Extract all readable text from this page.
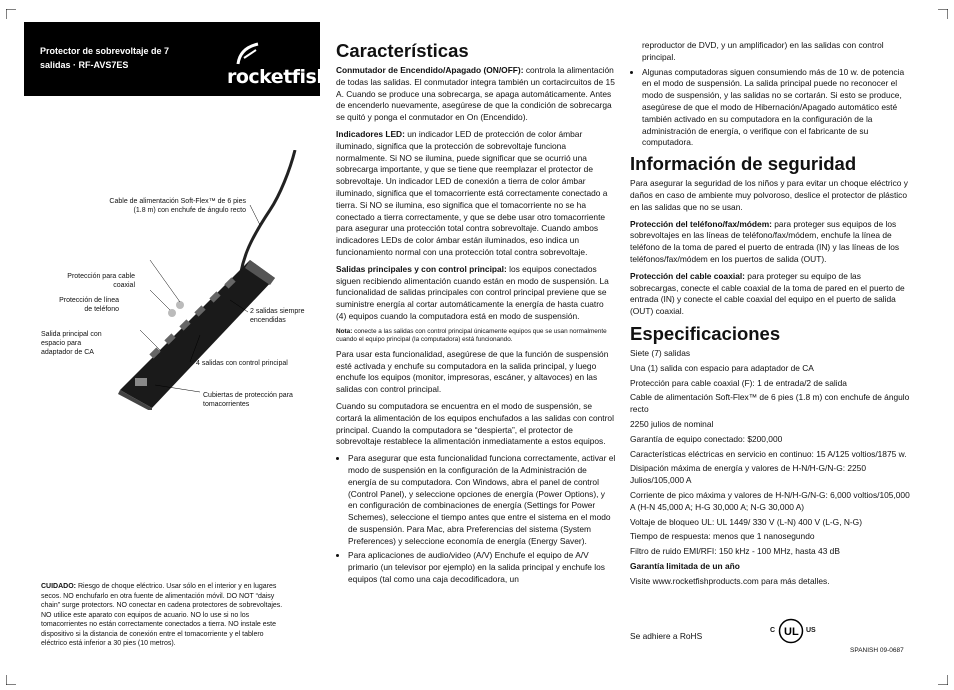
Protector de sobrevoltaje de 7 salidas · RF-AVS7ES
rocketfish.
Cable de alimentación Soft-Flex™ de 6 pies (1.8 m) con enchufe de ángulo recto
Protección para cable coaxial
Protección de línea de teléfono
Salida principal con espacio para adaptador de CA
2 salidas siempre encendidas
4 salidas con control principal
Cubiertas de protección para tomacorrientes
CUIDADO: Riesgo de choque eléctrico. Usar sólo en el interior y en lugares secos. NO enchufarlo en otra fuente de alimentación móvil. DO NOT “daisy chain” surge protectors. NO conectar en cadena protectores de sobrevoltajes. NO utilice este aparato con equipos de acuario. NO lo use si no los tomacorrientes no están correctamente conectados a tierra. NO instale este dispositivo si la distancia de conexión entre el tomacorriente y el tablero eléctrico está inferior a 30 pies (10 metros).
Características

Conmutador de Encendido/Apagado (ON/OFF): controla la alimentación de todas las salidas. El conmutador integra también un cortacircuitos de 15 A. Cuando se produce una sobrecarga, se apaga automáticamente. Antes de encenderlo nuevamente, asegúrese de que la condición de sobrecarga se quitó y ponga el conmutador en On (Encendido).

Indicadores LED: un indicador LED de protección de color ámbar iluminado, significa que la protección de sobrevoltaje funciona normalmente. Si NO se ilumina, puede significar que se ocurrió una sobrecarga importante, y que se tiene que reemplazar el protector de sobrevoltaje. Un indicador LED de conexión a tierra de color ámbar iluminado, significa que el tomacorriente está correctamente conectado a tierra. Si NO se ilumina, eso significa que el tomacorriente no se ha conectado a tierra correctamente, y que se debe usar otro tomacorriente para asegurar una protección total contra sobrevoltaje. Cuando ambos indicadores LEDs de color ámbar están iluminados, eso indica un funcionamiento normal con una protección total contra sobrevoltaje.

Salidas principales y con control principal: los equipos conectados siguen recibiendo alimentación cuando están en modo de suspensión. La funcionalidad de salidas principales con control principal previene que se suministre energía al cortar automáticamente la energía de hasta cuatro (4) equipos cuando la computadora está en modo de suspensión.

Nota: conecte a las salidas con control principal únicamente equipos que se usan normalmente cuando el equipo principal (la computadora) está funcionando.

Para usar esta funcionalidad, asegúrese de que la función de suspensión esté activada y enchufe su computadora en la salida principal, y luego enchufe los equipos (monitor, impresoras, escáner, y altavoces) en las salidas con control principal.

Cuando su computadora se encuentra en el modo de suspensión, se cortará la alimentación de los equipos enchufados a las salidas con control principal. Cuando la computadora se “despierta”, el protector de sobrevoltaje restablece la alimentación inmediatamente a estos equipos.

• Para asegurar que esta funcionalidad funciona correctamente, activar el modo de suspensión en la configuración de la Administración de energía de su computadora. Con Windows, abra el panel de control (Control Panel), y seleccione opciones de energía (Power Options), y en configuración de combinaciones de energía (Settings for Power Schemes), seleccione el tiempo antes que entre el sistema en el modo de suspensión. Para Mac, abra Preferencias del sistema (System Preferences) y seleccione economía de energía (Energy Saver).
• Para aplicaciones de audio/video (A/V) Enchufe el equipo de A/V primario (un televisor por ejemplo) en la salida principal y enchufe los equipos (tal como una caja decodificadora, un

reproductor de DVD, y un amplificador) en las salidas con control principal.

• Algunas computadoras siguen consumiendo más de 10 w. de potencia en el modo de suspensión. La salida principal puede no reconocer el modo de suspensión, y las salidas no se cortarán. Si esto se produce, asegúrese de que el modo de Hibernación/Apagado automático esté también activado en su computadora en la configuración de la administración de energía, o verifique con el fabricante de su computadora.
Información de seguridad

Para asegurar la seguridad de los niños y para evitar un choque eléctrico y daños en caso de ambiente muy polvoroso, deslice el protector de plástico en las salidas que no se usan.

Protección del teléfono/fax/módem: para proteger sus equipos de los sobrevoltajes en las líneas de teléfono/fax/módem, enchufe la línea de teléfono de la toma de pared el puerto de entrada (IN) y las líneas de los teléfonos/fax/módem en los puertos de salida (OUT).

Protección del cable coaxial: para proteger su equipo de las sobrecargas, conecte el cable coaxial de la toma de pared en el puerto de entrada (IN) y conecte el cable coaxial del equipo en el puerto de salida (OUT) coaxial.

Especificaciones
Siete (7) salidas
Una (1) salida con espacio para adaptador de CA
Protección para cable coaxial (F): 1 de entrada/2 de salida
Cable de alimentación Soft-Flex™ de 6 pies (1.8 m) con enchufe de ángulo recto
2250 julios de nominal
Garantía de equipo conectado: $200,000
Características eléctricas en servicio en continuo: 15 A/125 voltios/1875 w.
Disipación máxima de energía y valores de H-N/H-G/N-G: 2250 Julios/105,000 A
Corriente de pico máxima y valores de H-N/H-G/N-G: 6,000 voltios/105,000 A (H-N 45,000 A; H-G 30,000 A; N-G 30,000 A)
Voltaje de bloqueo UL: UL 1449/ 330 V (L-N) 400 V (L-G, N-G)
Tiempo de respuesta: menos que 1 nanosegundo
Filtro de ruido EMI/RFI: 150 kHz - 100 MHz, hasta 43 dB
Garantía limitada de un año
Visite www.rocketfishproducts.com para más detalles.
Se adhiere a RoHS
C UL US
SPANISH 09-0687
